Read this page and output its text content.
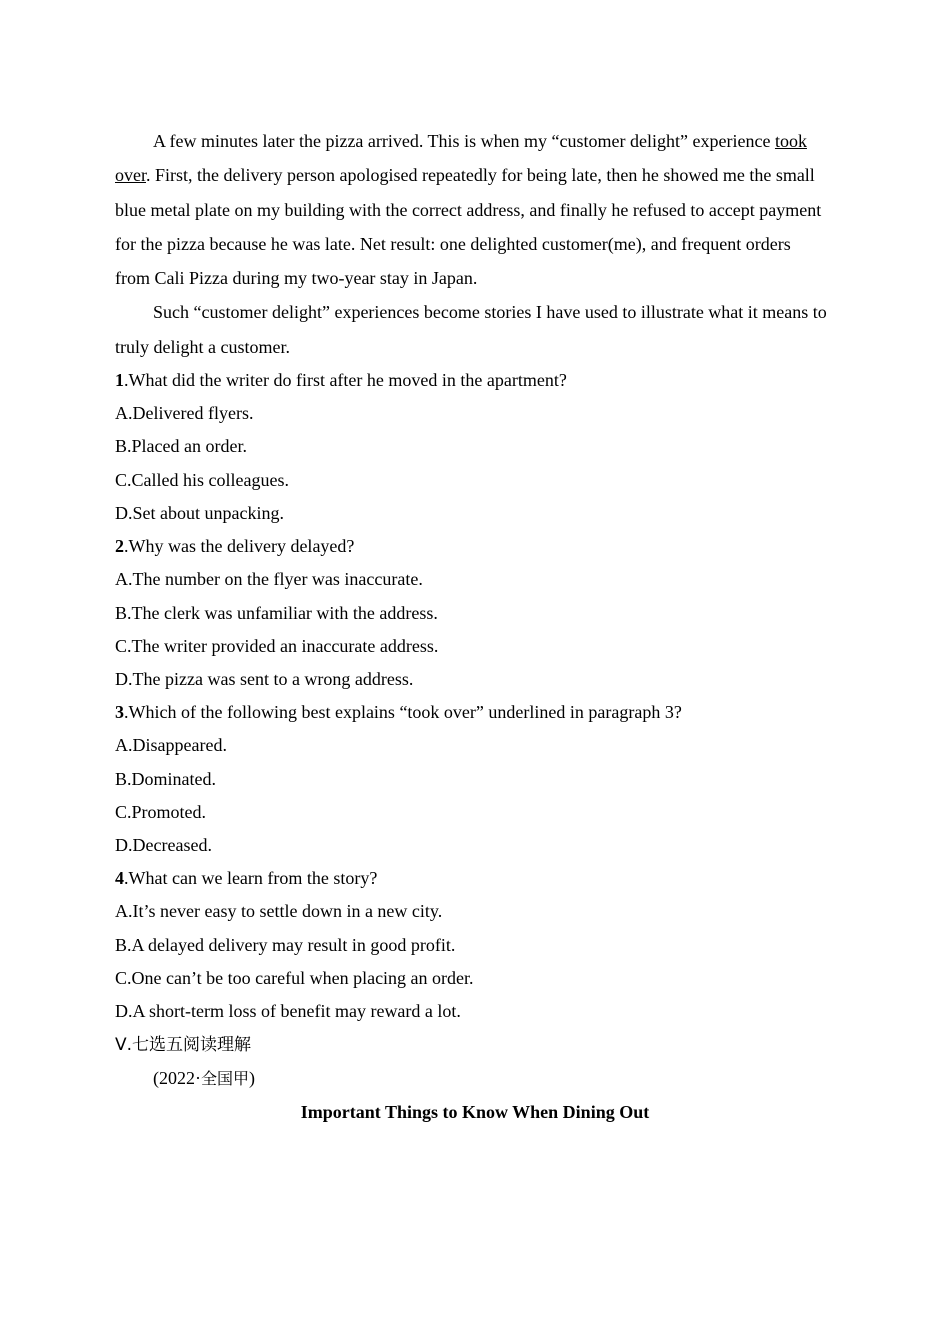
A few minutes later the pizza arrived. This is when my “customer delight” experience took over. First, the delivery person apologised repeatedly for being late, then he showed me the small blue metal plate on my building with the correct address, and finally he refused to accept payment for the pizza because he was late. Net result: one delighted customer(me), and frequent orders from Cali Pizza during my two-year stay in Japan.

Such “customer delight” experiences become stories I have used to illustrate what it means to truly delight a customer.

1.What did the writer do first after he moved in the apartment?

A.Delivered flyers.

B.Placed an order.

C.Called his colleagues.

D.Set about unpacking.

2.Why was the delivery delayed?

A.The number on the flyer was inaccurate.

B.The clerk was unfamiliar with the address.

C.The writer provided an inaccurate address.

D.The pizza was sent to a wrong address.

3.Which of the following best explains “took over” underlined in paragraph 3?

A.Disappeared.

B.Dominated.

C.Promoted.

D.Decreased.

4.What can we learn from the story?

A.It’s never easy to settle down in a new city.

B.A delayed delivery may result in good profit.

C.One can’t be too careful when placing an order.

D.A short-term loss of benefit may reward a lot.

Ⅴ.七选五阅读理解

(2022·全国甲)

Important Things to Know When Dining Out
